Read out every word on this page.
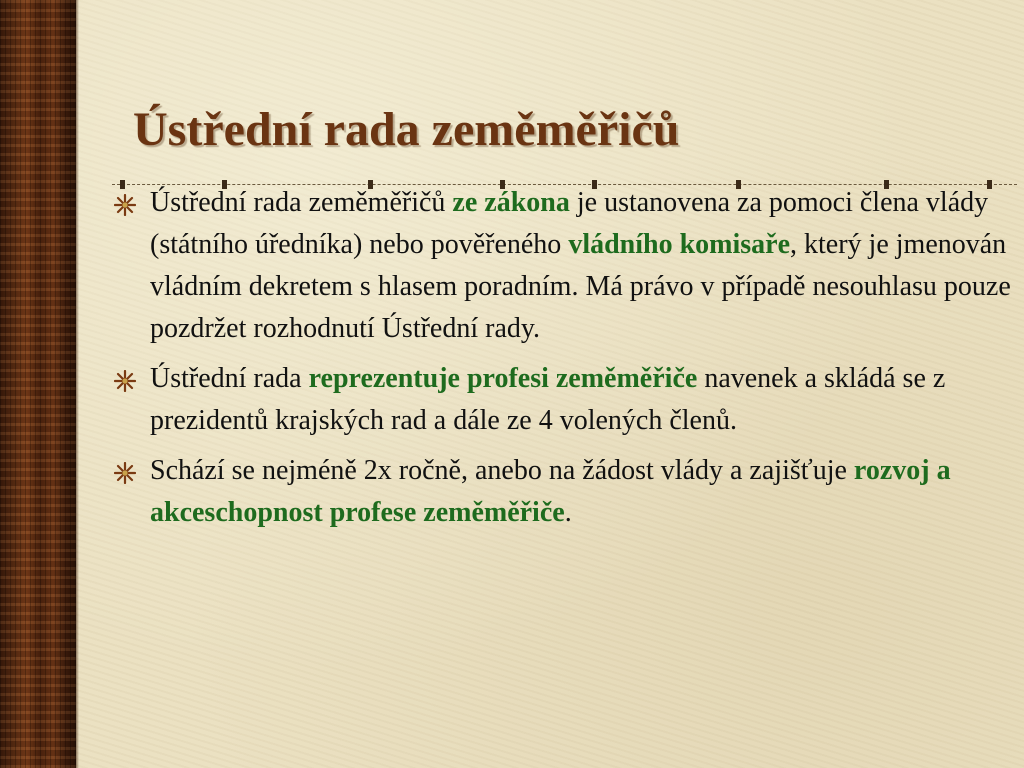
Ústřední rada zeměměřičů
Ústřední rada zeměměřičů ze zákona je ustanovena za pomoci člena vlády (státního úředníka) nebo pověřeného vládního komisaře, který je jmenován vládním dekretem s hlasem poradním. Má právo v případě nesouhlasu pouze pozdržet rozhodnutí Ústřední rady.
Ústřední rada reprezentuje profesi zeměměřiče navenek a skládá se z prezidentů krajských rad a dále ze 4 volených členů.
Schází se nejméně 2x ročně, anebo na žádost vlády a zajišťuje rozvoj a akceschopnost profese zeměměřiče.
